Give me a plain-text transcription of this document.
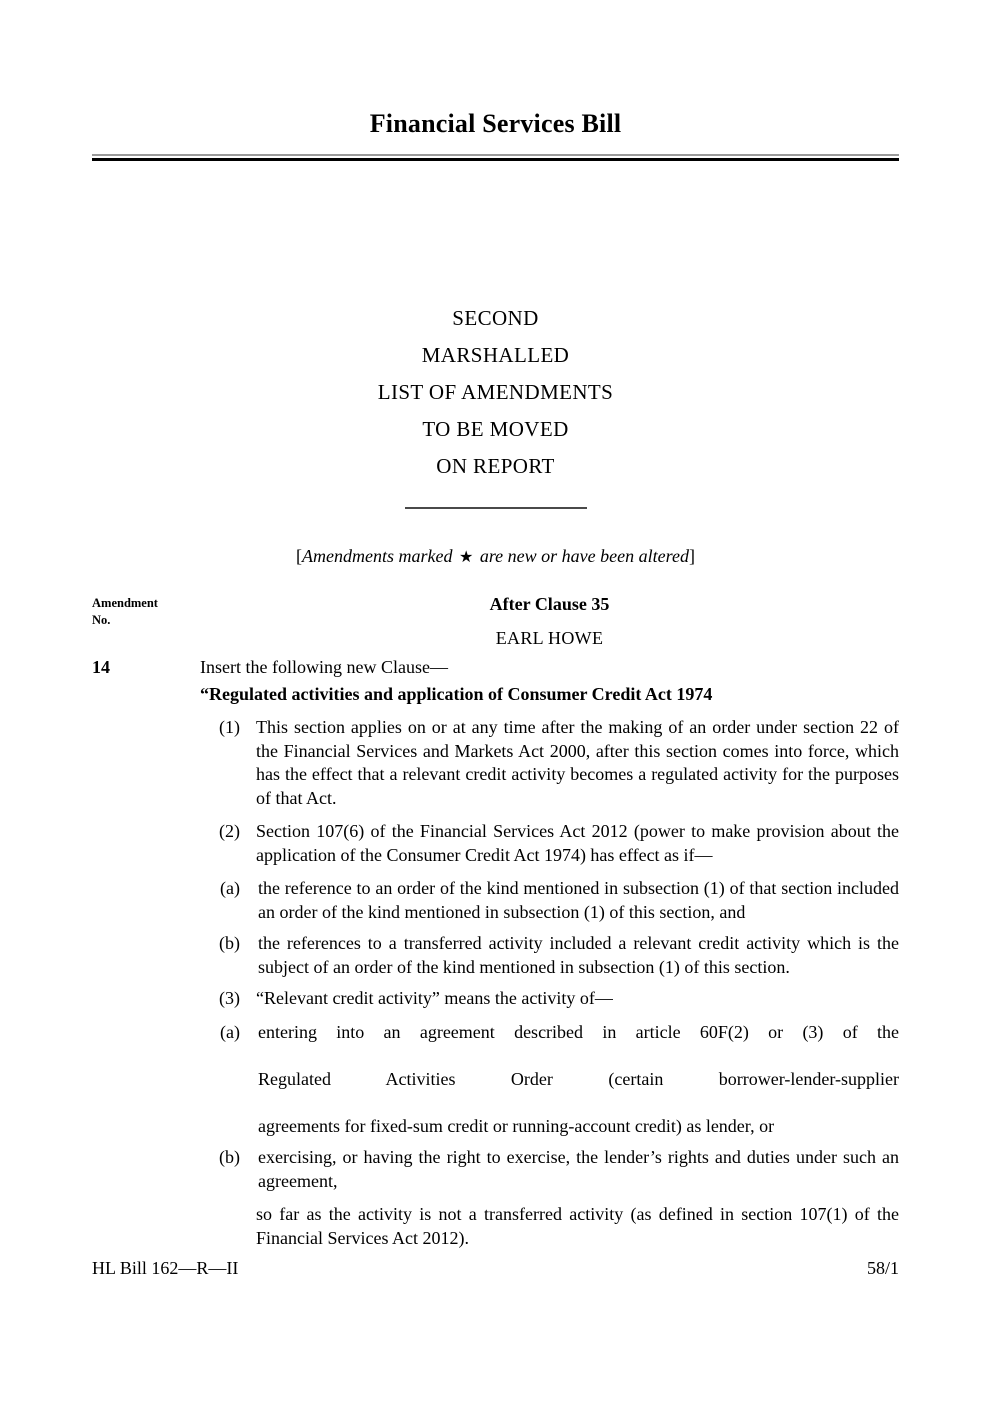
Financial Services Bill
SECOND
MARSHALLED
LIST OF AMENDMENTS
TO BE MOVED
ON REPORT
[Amendments marked ★ are new or have been altered]
Amendment
No.
After Clause 35
EARL HOWE
14	Insert the following new Clause—
“Regulated activities and application of Consumer Credit Act 1974
(1) This section applies on or at any time after the making of an order under section 22 of the Financial Services and Markets Act 2000, after this section comes into force, which has the effect that a relevant credit activity becomes a regulated activity for the purposes of that Act.
(2) Section 107(6) of the Financial Services Act 2012 (power to make provision about the application of the Consumer Credit Act 1974) has effect as if—
(a) the reference to an order of the kind mentioned in subsection (1) of that section included an order of the kind mentioned in subsection (1) of this section, and
(b) the references to a transferred activity included a relevant credit activity which is the subject of an order of the kind mentioned in subsection (1) of this section.
(3) “Relevant credit activity” means the activity of—
(a) entering into an agreement described in article 60F(2) or (3) of the Regulated Activities Order (certain borrower-lender-supplier agreements for fixed-sum credit or running-account credit) as lender, or
(b) exercising, or having the right to exercise, the lender’s rights and duties under such an agreement,
so far as the activity is not a transferred activity (as defined in section 107(1) of the Financial Services Act 2012).
HL Bill 162—R—II	58/1
